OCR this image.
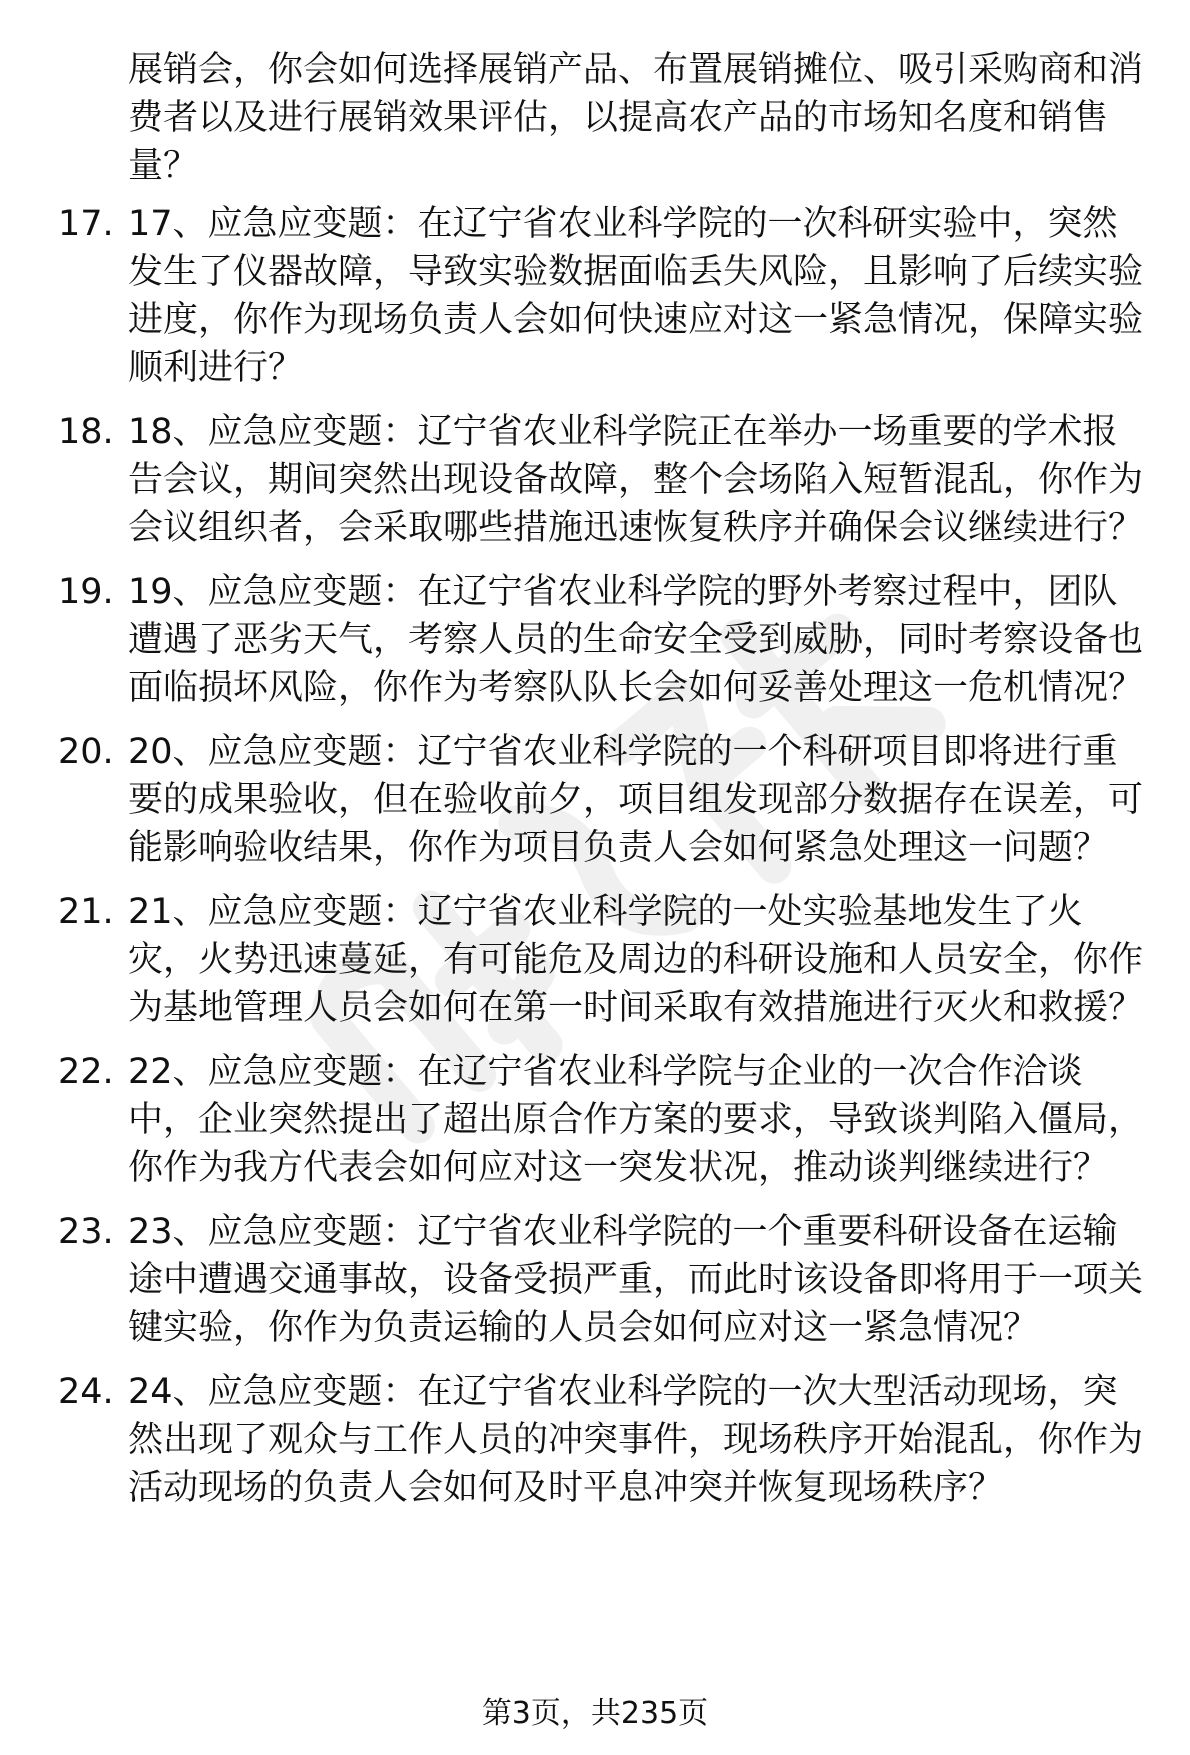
展销会，你会如何选择展销产品、布置展销摊位、吸引采购商和消费者以及进行展销效果评估，以提高农产品的市场知名度和销售量？

17. 17、应急应变题：在辽宁省农业科学院的一次科研实验中，突然发生了仪器故障，导致实验数据面临丢失风险，且影响了后续实验进度，你作为现场负责人会如何快速应对这一紧急情况，保障实验顺利进行？
18. 18、应急应变题：辽宁省农业科学院正在举办一场重要的学术报告会议，期间突然出现设备故障，整个会场陷入短暂混乱，你作为会议组织者，会采取哪些措施迅速恢复秩序并确保会议继续进行？
19. 19、应急应变题：在辽宁省农业科学院的野外考察过程中，团队遭遇了恶劣天气，考察人员的生命安全受到威胁，同时考察设备也面临损坏风险，你作为考察队队长会如何妥善处理这一危机情况？
20. 20、应急应变题：辽宁省农业科学院的一个科研项目即将进行重要的成果验收，但在验收前夕，项目组发现部分数据存在误差，可能影响验收结果，你作为项目负责人会如何紧急处理这一问题？
21. 21、应急应变题：辽宁省农业科学院的一处实验基地发生了火灾，火势迅速蔓延，有可能危及周边的科研设施和人员安全，你作为基地管理人员会如何在第一时间采取有效措施进行灭火和救援？
22. 22、应急应变题：在辽宁省农业科学院与企业的一次合作洽谈中，企业突然提出了超出原合作方案的要求，导致谈判陷入僵局，你作为我方代表会如何应对这一突发状况，推动谈判继续进行？
23. 23、应急应变题：辽宁省农业科学院的一个重要科研设备在运输途中遭遇交通事故，设备受损严重，而此时该设备即将用于一项关键实验，你作为负责运输的人员会如何应对这一紧急情况？
24. 24、应急应变题：在辽宁省农业科学院的一次大型活动现场，突然出现了观众与工作人员的冲突事件，现场秩序开始混乱，你作为活动现场的负责人会如何及时平息冲突并恢复现场秩序？
第3页，共235页
